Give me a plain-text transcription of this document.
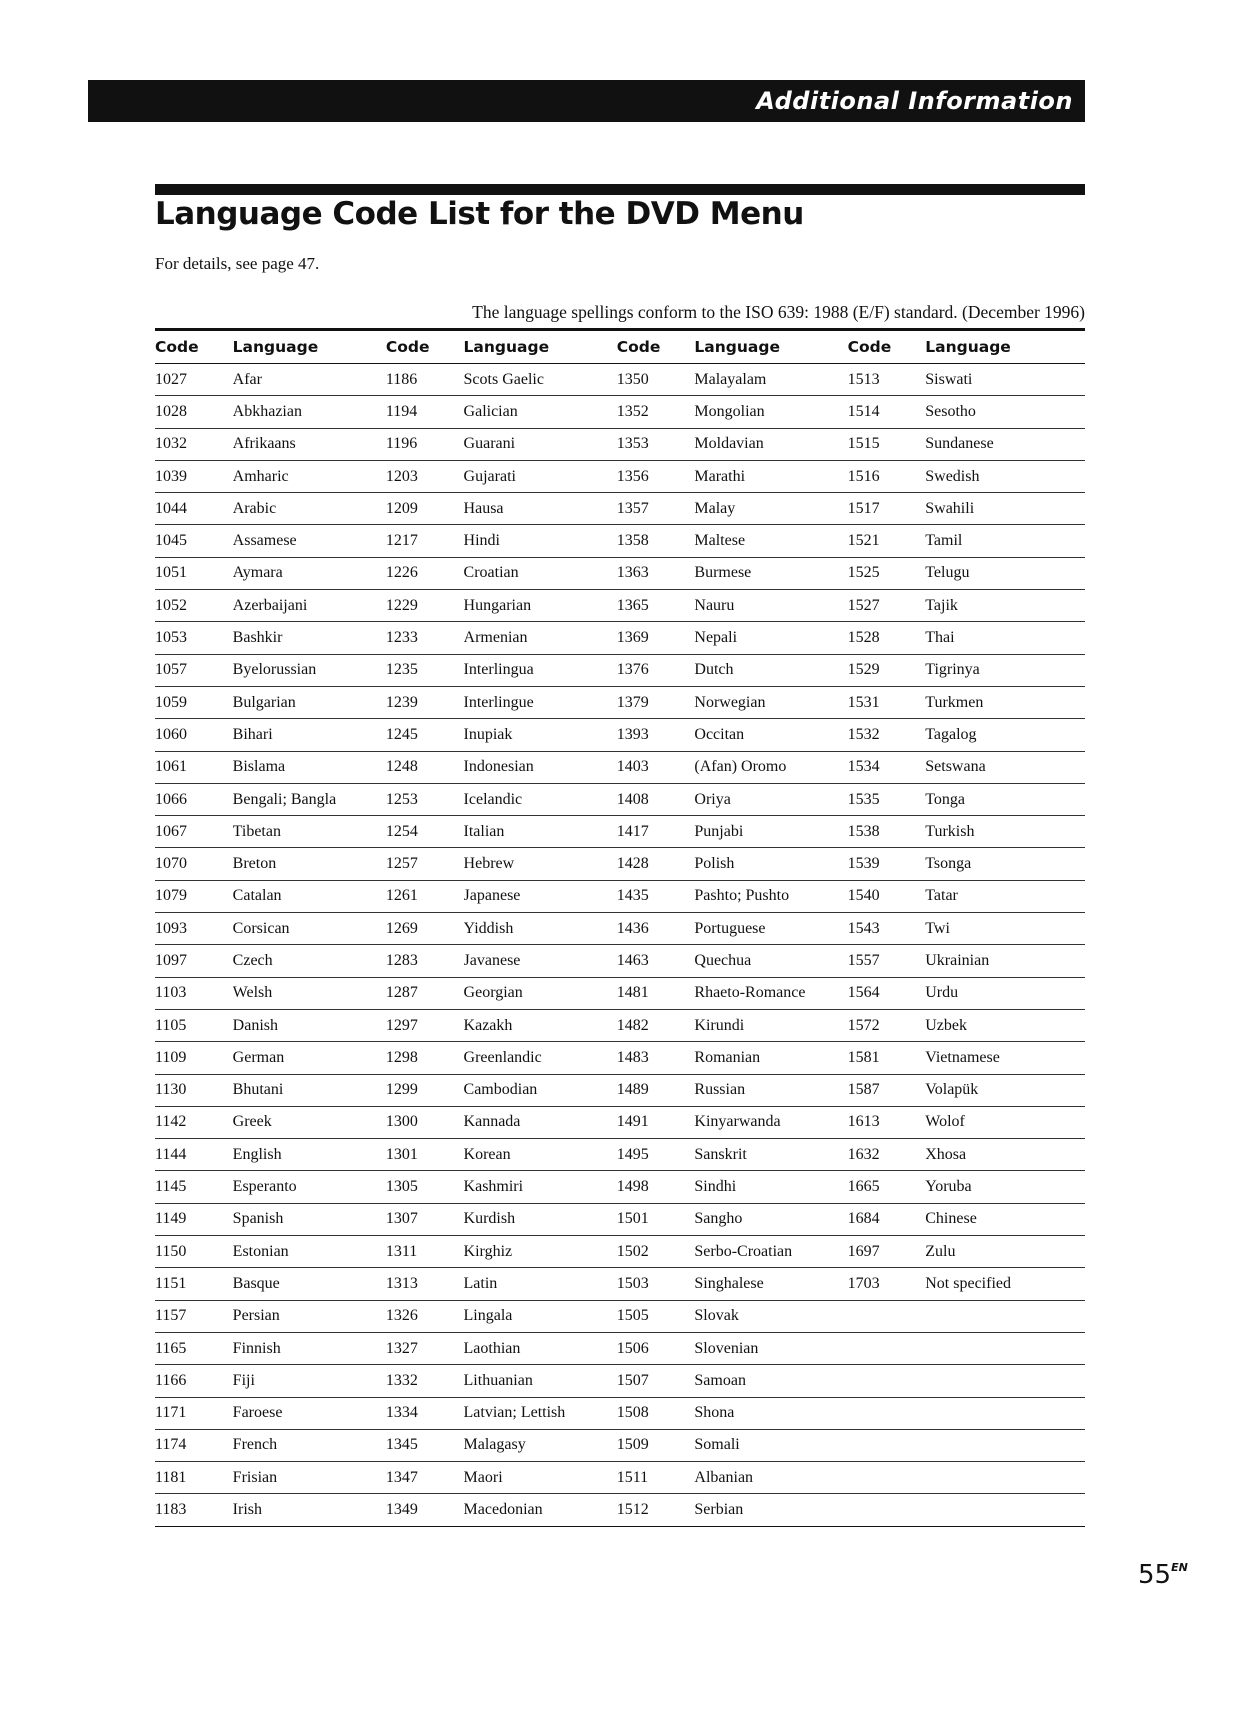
Additional Information
Language Code List for the DVD Menu
For details, see page 47.
The language spellings conform to the ISO 639: 1988 (E/F) standard. (December 1996)
Code	Language	Code	Language	Code	Language	Code	Language
1027	Afar	1186	Scots Gaelic	1350	Malayalam	1513	Siswati
1028	Abkhazian	1194	Galician	1352	Mongolian	1514	Sesotho
1032	Afrikaans	1196	Guarani	1353	Moldavian	1515	Sundanese
1039	Amharic	1203	Gujarati	1356	Marathi	1516	Swedish
1044	Arabic	1209	Hausa	1357	Malay	1517	Swahili
1045	Assamese	1217	Hindi	1358	Maltese	1521	Tamil
1051	Aymara	1226	Croatian	1363	Burmese	1525	Telugu
1052	Azerbaijani	1229	Hungarian	1365	Nauru	1527	Tajik
1053	Bashkir	1233	Armenian	1369	Nepali	1528	Thai
1057	Byelorussian	1235	Interlingua	1376	Dutch	1529	Tigrinya
1059	Bulgarian	1239	Interlingue	1379	Norwegian	1531	Turkmen
1060	Bihari	1245	Inupiak	1393	Occitan	1532	Tagalog
1061	Bislama	1248	Indonesian	1403	(Afan) Oromo	1534	Setswana
1066	Bengali; Bangla	1253	Icelandic	1408	Oriya	1535	Tonga
1067	Tibetan	1254	Italian	1417	Punjabi	1538	Turkish
1070	Breton	1257	Hebrew	1428	Polish	1539	Tsonga
1079	Catalan	1261	Japanese	1435	Pashto; Pushto	1540	Tatar
1093	Corsican	1269	Yiddish	1436	Portuguese	1543	Twi
1097	Czech	1283	Javanese	1463	Quechua	1557	Ukrainian
1103	Welsh	1287	Georgian	1481	Rhaeto-Romance	1564	Urdu
1105	Danish	1297	Kazakh	1482	Kirundi	1572	Uzbek
1109	German	1298	Greenlandic	1483	Romanian	1581	Vietnamese
1130	Bhutani	1299	Cambodian	1489	Russian	1587	Volapük
1142	Greek	1300	Kannada	1491	Kinyarwanda	1613	Wolof
1144	English	1301	Korean	1495	Sanskrit	1632	Xhosa
1145	Esperanto	1305	Kashmiri	1498	Sindhi	1665	Yoruba
1149	Spanish	1307	Kurdish	1501	Sangho	1684	Chinese
1150	Estonian	1311	Kirghiz	1502	Serbo-Croatian	1697	Zulu
1151	Basque	1313	Latin	1503	Singhalese	1703	Not specified
1157	Persian	1326	Lingala	1505	Slovak		
1165	Finnish	1327	Laothian	1506	Slovenian		
1166	Fiji	1332	Lithuanian	1507	Samoan		
1171	Faroese	1334	Latvian; Lettish	1508	Shona		
1174	French	1345	Malagasy	1509	Somali		
1181	Frisian	1347	Maori	1511	Albanian		
1183	Irish	1349	Macedonian	1512	Serbian		
$55^{EN}$
